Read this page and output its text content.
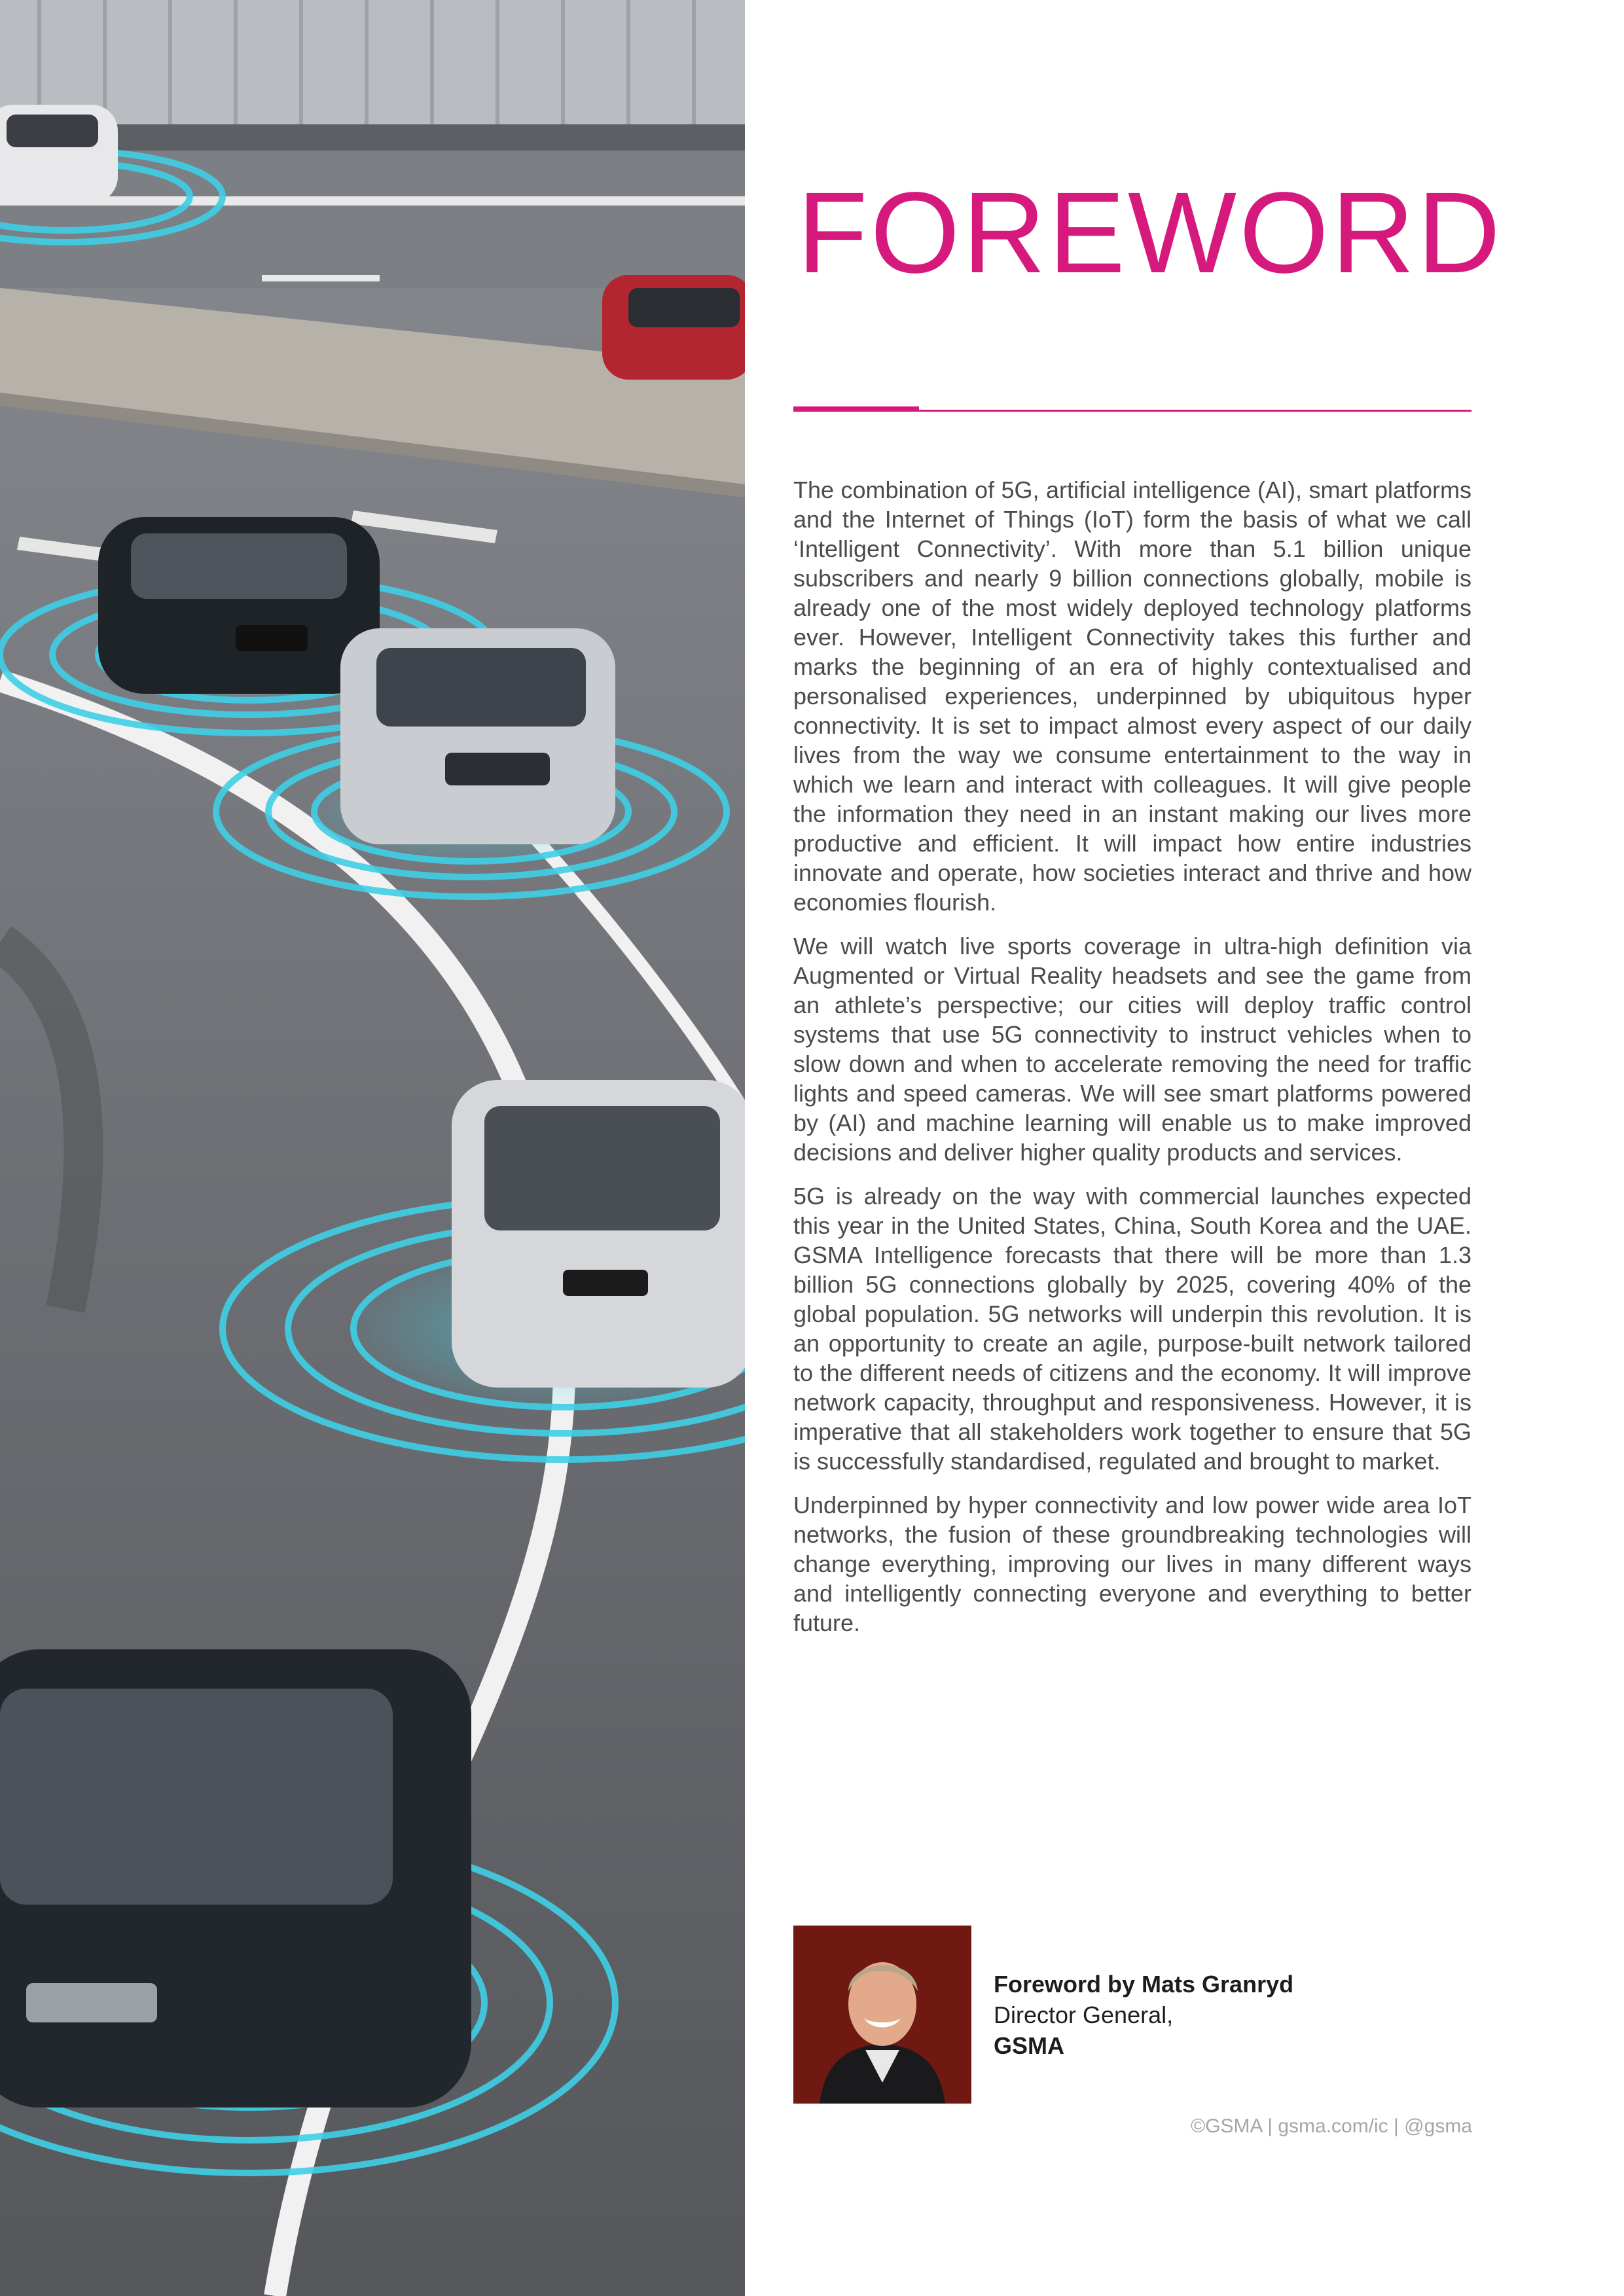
FOREWORD

The combination of 5G, artificial intelligence (AI), smart platforms and the Internet of Things (IoT) form the basis of what we call ‘Intelligent Connectivity’. With more than 5.1 billion unique subscribers and nearly 9 billion connections globally, mobile is already one of the most widely deployed technology platforms ever. However, Intelligent Connectivity takes this further and marks the beginning of an era of highly contextualised and personalised experiences, underpinned by ubiquitous hyper connectivity. It is set to impact almost every aspect of our daily lives from the way we consume entertainment to the way in which we learn and interact with colleagues. It will give people the information they need in an instant making our lives more productive and efficient. It will impact how entire industries innovate and operate, how societies interact and thrive and how economies flourish.

We will watch live sports coverage in ultra-high definition via Augmented or Virtual Reality headsets and see the game from an athlete’s perspective; our cities will deploy traffic control systems that use 5G connectivity to instruct vehicles when to slow down and when to accelerate removing the need for traffic lights and speed cameras. We will see smart platforms powered by (AI) and machine learning will enable us to make improved decisions and deliver higher quality products and services.

5G is already on the way with commercial launches expected this year in the United States, China, South Korea and the UAE. GSMA Intelligence forecasts that there will be more than 1.3 billion 5G connections globally by 2025, covering 40% of the global population. 5G networks will underpin this revolution. It is an opportunity to create an agile, purpose-built network tailored to the different needs of citizens and the economy. It will improve network capacity, throughput and responsiveness. However, it is imperative that all stakeholders work together to ensure that 5G is successfully standardised, regulated and brought to market.

Underpinned by hyper connectivity and low power wide area IoT networks, the fusion of these groundbreaking technologies will change everything, improving our lives in many different ways and intelligently connecting everyone and everything to better future.

Foreword by Mats Granryd
Director General,
GSMA
©GSMA | gsma.com/ic | @gsma
